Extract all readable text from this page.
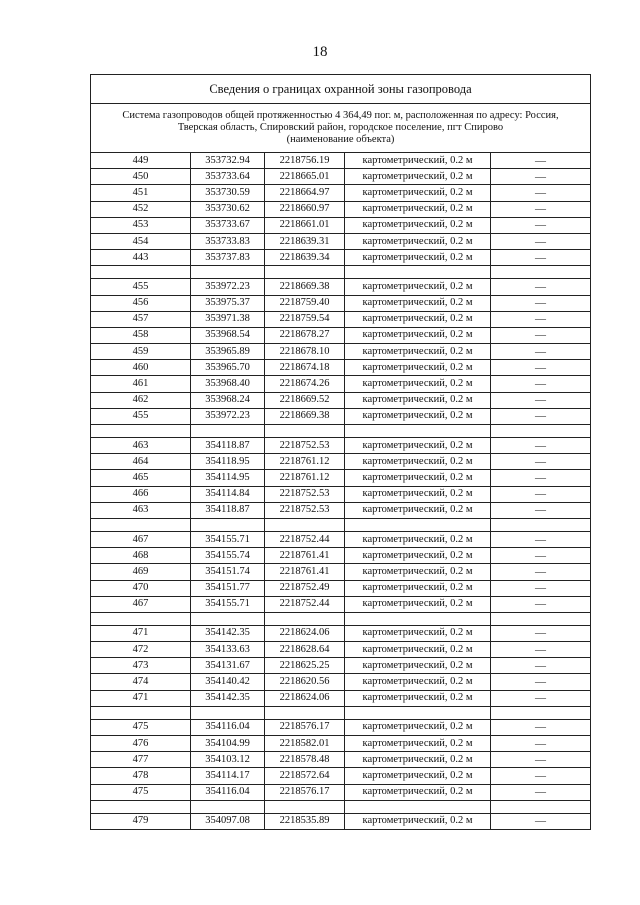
18
Сведения о границах охранной зоны газопровода				

Система газопроводов общей протяженностью 4 364,49 пог. м, расположенная по адресу: Россия,
Тверская область, Спировский район, городское поселение, пгт Спирово
(наименование объекта)				

449	353732.94	2218756.19	картометрический, 0.2 м	—
450	353733.64	2218665.01	картометрический, 0.2 м	—
451	353730.59	2218664.97	картометрический, 0.2 м	—
452	353730.62	2218660.97	картометрический, 0.2 м	—
453	353733.67	2218661.01	картометрический, 0.2 м	—
454	353733.83	2218639.31	картометрический, 0.2 м	—
443	353737.83	2218639.34	картометрический, 0.2 м	—

455	353972.23	2218669.38	картометрический, 0.2 м	—
456	353975.37	2218759.40	картометрический, 0.2 м	—
457	353971.38	2218759.54	картометрический, 0.2 м	—
458	353968.54	2218678.27	картометрический, 0.2 м	—
459	353965.89	2218678.10	картометрический, 0.2 м	—
460	353965.70	2218674.18	картометрический, 0.2 м	—
461	353968.40	2218674.26	картометрический, 0.2 м	—
462	353968.24	2218669.52	картометрический, 0.2 м	—
455	353972.23	2218669.38	картометрический, 0.2 м	—

463	354118.87	2218752.53	картометрический, 0.2 м	—
464	354118.95	2218761.12	картометрический, 0.2 м	—
465	354114.95	2218761.12	картометрический, 0.2 м	—
466	354114.84	2218752.53	картометрический, 0.2 м	—
463	354118.87	2218752.53	картометрический, 0.2 м	—

467	354155.71	2218752.44	картометрический, 0.2 м	—
468	354155.74	2218761.41	картометрический, 0.2 м	—
469	354151.74	2218761.41	картометрический, 0.2 м	—
470	354151.77	2218752.49	картометрический, 0.2 м	—
467	354155.71	2218752.44	картометрический, 0.2 м	—

471	354142.35	2218624.06	картометрический, 0.2 м	—
472	354133.63	2218628.64	картометрический, 0.2 м	—
473	354131.67	2218625.25	картометрический, 0.2 м	—
474	354140.42	2218620.56	картометрический, 0.2 м	—
471	354142.35	2218624.06	картометрический, 0.2 м	—

475	354116.04	2218576.17	картометрический, 0.2 м	—
476	354104.99	2218582.01	картометрический, 0.2 м	—
477	354103.12	2218578.48	картометрический, 0.2 м	—
478	354114.17	2218572.64	картометрический, 0.2 м	—
475	354116.04	2218576.17	картометрический, 0.2 м	—

479	354097.08	2218535.89	картометрический, 0.2 м	—
